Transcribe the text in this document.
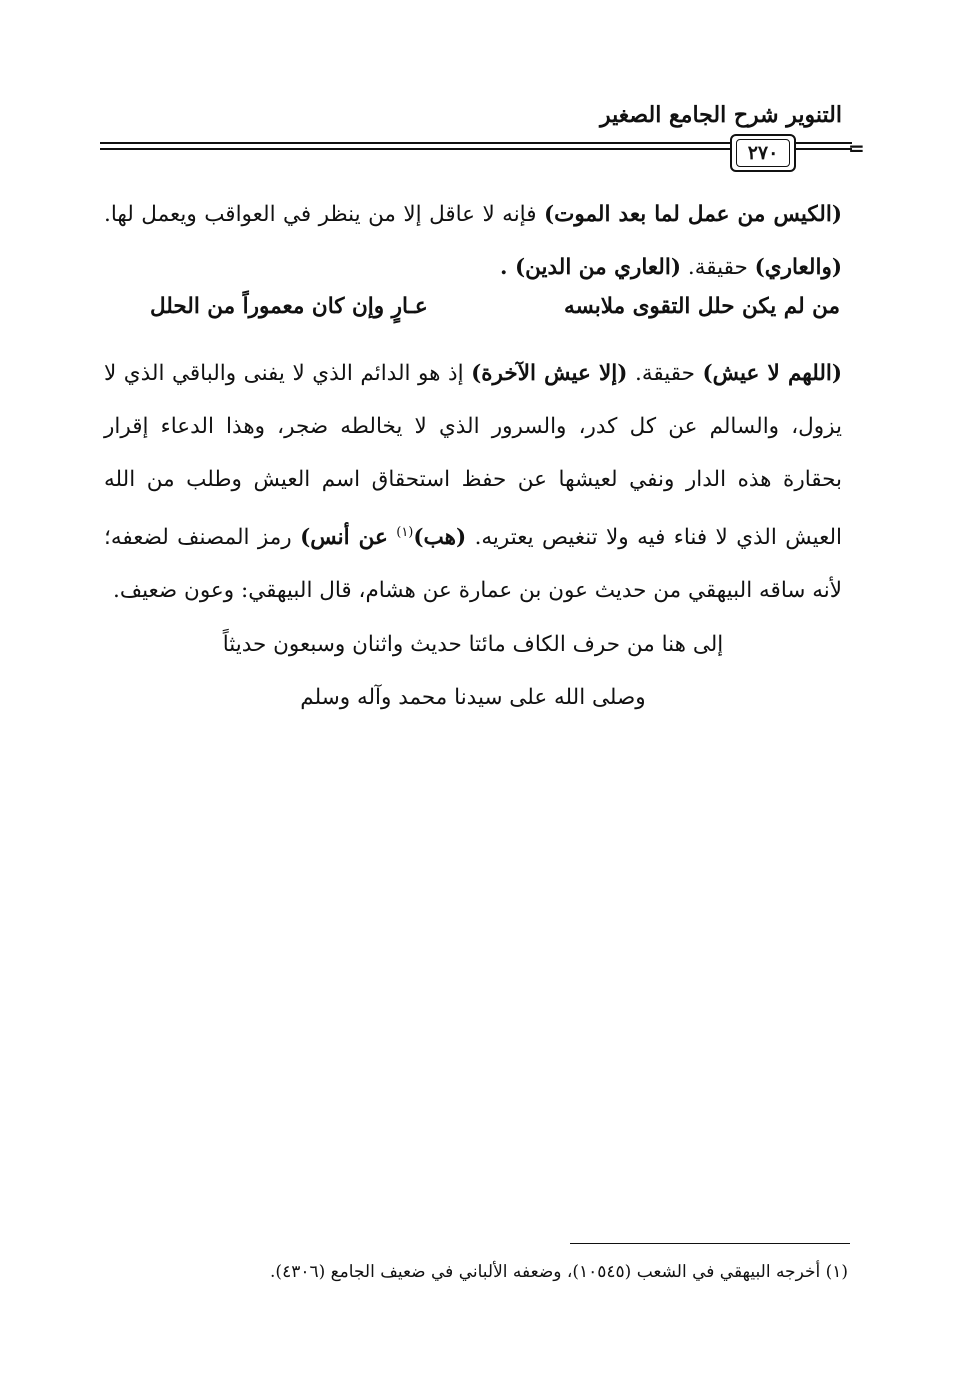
التنوير شرح الجامع الصغير
٢٧٠	=

(الكيس من عمل لما بعد الموت) فإنه لا عاقل إلا من ينظر في العواقب ويعمل لها. (والعاري) حقيقة. (العاري من الدين) .

(اللهم لا عيش) حقيقة. (إلا عيش الآخرة) إذ هو الدائم الذي لا يفنى والباقي الذي لا يزول، والسالم عن كل كدر، والسرور الذي لا يخالطه ضجر، وهذا الدعاء إقرار بحقارة هذه الدار ونفي لعيشها عن حفظ استحقاق اسم العيش وطلب من الله العيش الذي لا فناء فيه ولا تنغيص يعتريه. (هب)$^{(١)}$ عن أنس) رمز المصنف لضعفه؛ لأنه ساقه البيهقي من حديث عون بن عمارة عن هشام، قال البيهقي: وعون ضعيف.

من لم يكن حلل التقوى ملابسه
عـارٍ وإن كان معموراً من الحلل
إلى هنا من حرف الكاف مائتا حديث واثنان وسبعون حديثاً
وصلى الله على سيدنا محمد وآله وسلم
(١) أخرجه البيهقي في الشعب (١٠٥٤٥)، وضعفه الألباني في ضعيف الجامع (٤٣٠٦).
